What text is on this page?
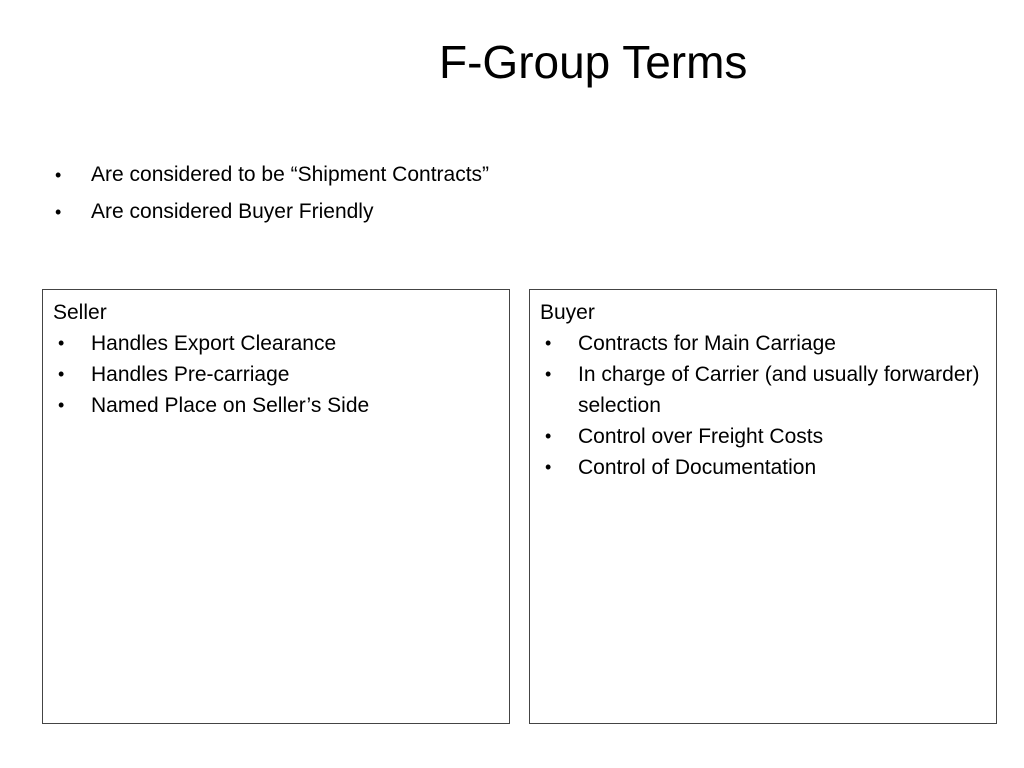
F-Group Terms
• Are considered to be “Shipment Contracts”
• Are considered Buyer Friendly
Seller
• Handles Export Clearance
• Handles Pre-carriage
• Named Place on Seller’s Side
Buyer
• Contracts for Main Carriage
• In charge of Carrier (and usually forwarder) selection
• Control over Freight Costs
• Control of Documentation
